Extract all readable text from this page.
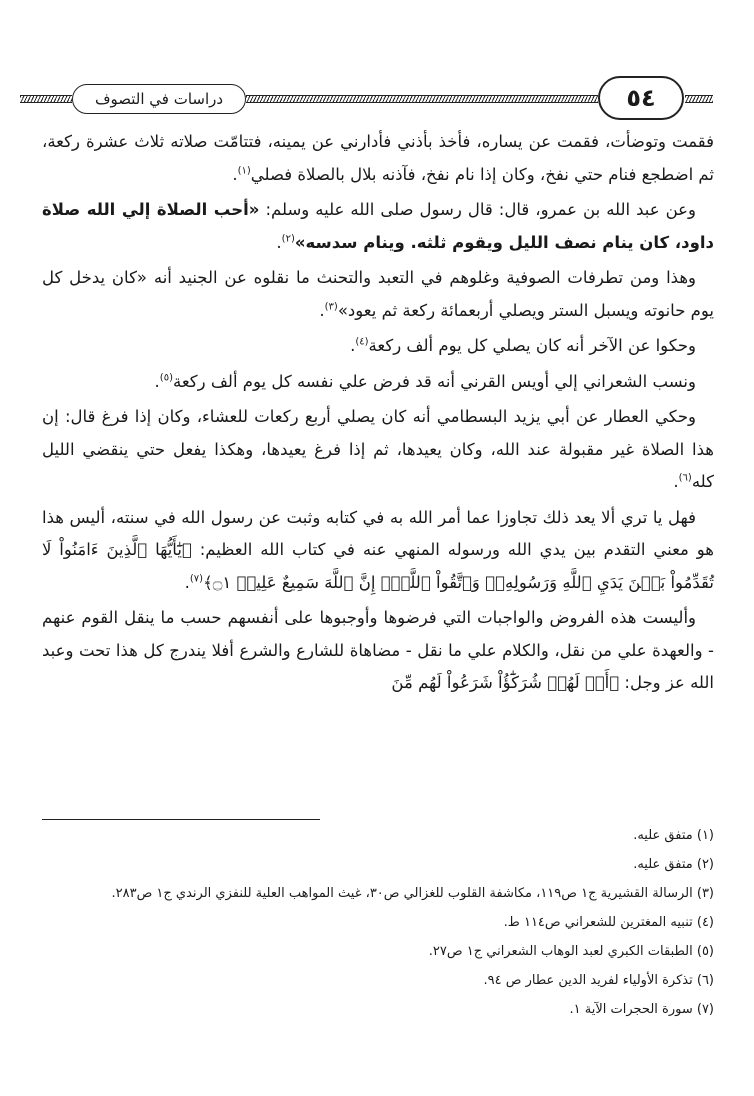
٥٤
دراسات في التصوف

فقمت وتوضأت، فقمت عن يساره، فأخذ بأذني فأدارني عن يمينه، فتتامّت صلاته ثلاث عشرة ركعة، ثم اضطجع فنام حتي نفخ، وكان إذا نام نفخ، فآذنه بلال بالصلاة فصلي$^{(١)}$.

وعن عبد الله بن عمرو، قال: قال رسول صلى الله عليه وسلم: «أحب الصلاة إلي الله صلاة داود، كان ينام نصف الليل ويقوم ثلثه. وينام سدسه»$^{(٢)}$.

وهذا ومن تطرفات الصوفية وغلوهم في التعبد والتحنث ما نقلوه عن الجنيد أنه «كان يدخل كل يوم حانوته ويسبل الستر ويصلي أربعمائة ركعة ثم يعود»$^{(٣)}$.

وحكوا عن الآخر أنه كان يصلي كل يوم ألف ركعة$^{(٤)}$.

ونسب الشعراني إلي أويس القرني أنه قد فرض علي نفسه كل يوم ألف ركعة$^{(٥)}$.

وحكي العطار عن أبي يزيد البسطامي أنه كان يصلي أربع ركعات للعشاء، وكان إذا فرغ قال: إن هذا الصلاة غير مقبولة عند الله، وكان يعيدها، ثم إذا فرغ يعيدها، وهكذا يفعل حتي ينقضي الليل كله$^{(٦)}$.

فهل يا تري ألا يعد ذلك تجاوزا عما أمر الله به في كتابه وثبت عن رسول الله في سنته، أليس هذا هو معني التقدم بين يدي الله ورسوله المنهي عنه في كتاب الله العظيم: ﴿يَٰٓأَيُّهَا ٱلَّذِينَ ءَامَنُواْ لَا تُقَدِّمُواْ بَيۡنَ يَدَيِ ٱللَّهِ وَرَسُولِهِۦۖ وَٱتَّقُواْ ٱللَّهَۚ إِنَّ ٱللَّهَ سَمِيعٌ عَلِيمٞ ۝١﴾$^{(٧)}$.

وأليست هذه الفروض والواجبات التي فرضوها وأوجبوها على أنفسهم حسب ما ينقل القوم عنهم - والعهدة علي من نقل، والكلام علي ما نقل - مضاهاة للشارع والشرع أفلا يندرج كل هذا تحت وعبد الله عز وجل: ﴿أَمۡ لَهُمۡ شُرَكَٰٓؤُاْ شَرَعُواْ لَهُم مِّنَ

(١) متفق عليه.
(٢) متفق عليه.
(٣) الرسالة القشيرية ج١ ص١١٩، مكاشفة القلوب للغزالي ص٣٠، غيث المواهب العلية للنفزي الرندي ج١ ص٢٨٣.
(٤) تنبيه المغترين للشعراني ص١١٤ ط.
(٥) الطبقات الكبري لعبد الوهاب الشعراني ج١ ص٢٧.
(٦) تذكرة الأولياء لفريد الدين عطار ص ٩٤.
(٧) سورة الحجرات الآية ١.
